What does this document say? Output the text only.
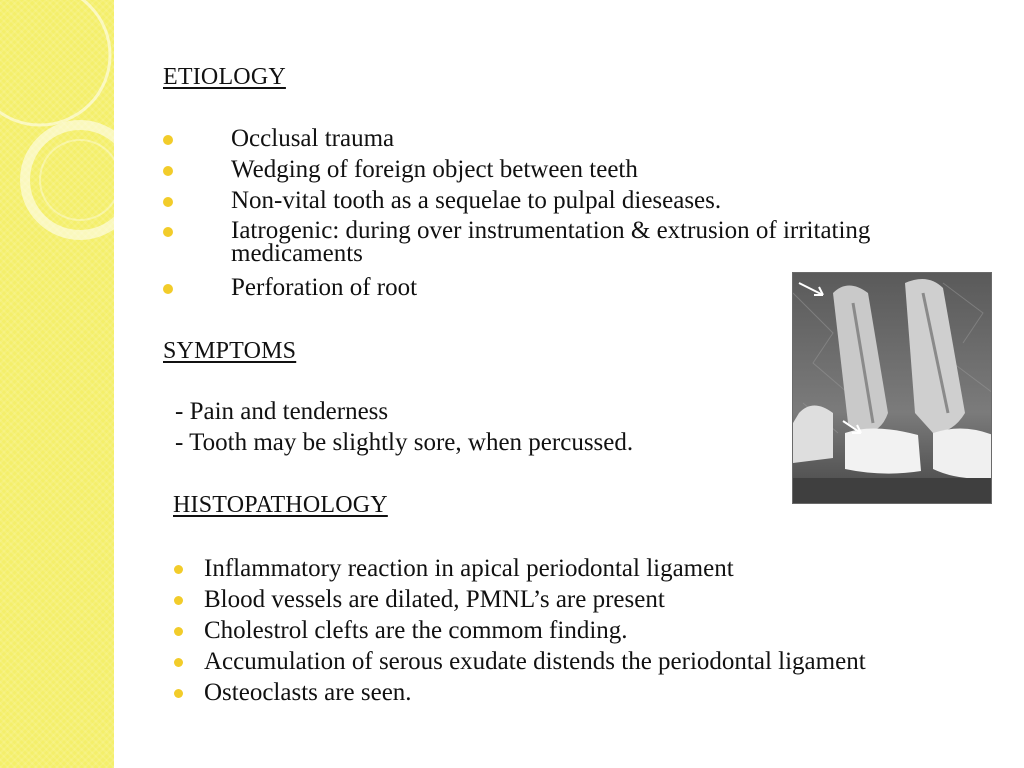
ETIOLOGY
Occlusal trauma
Wedging of foreign object between teeth
Non-vital tooth as a sequelae to pulpal dieseases.
Iatrogenic: during over instrumentation & extrusion of irritating medicaments
Perforation of root
SYMPTOMS
- Pain and tenderness
- Tooth may be slightly sore, when percussed.
HISTOPATHOLOGY
Inflammatory reaction in apical periodontal ligament
Blood vessels are dilated, PMNL’s are present
Cholestrol clefts are the commom finding.
Accumulation of serous exudate distends the periodontal ligament
Osteoclasts are seen.
